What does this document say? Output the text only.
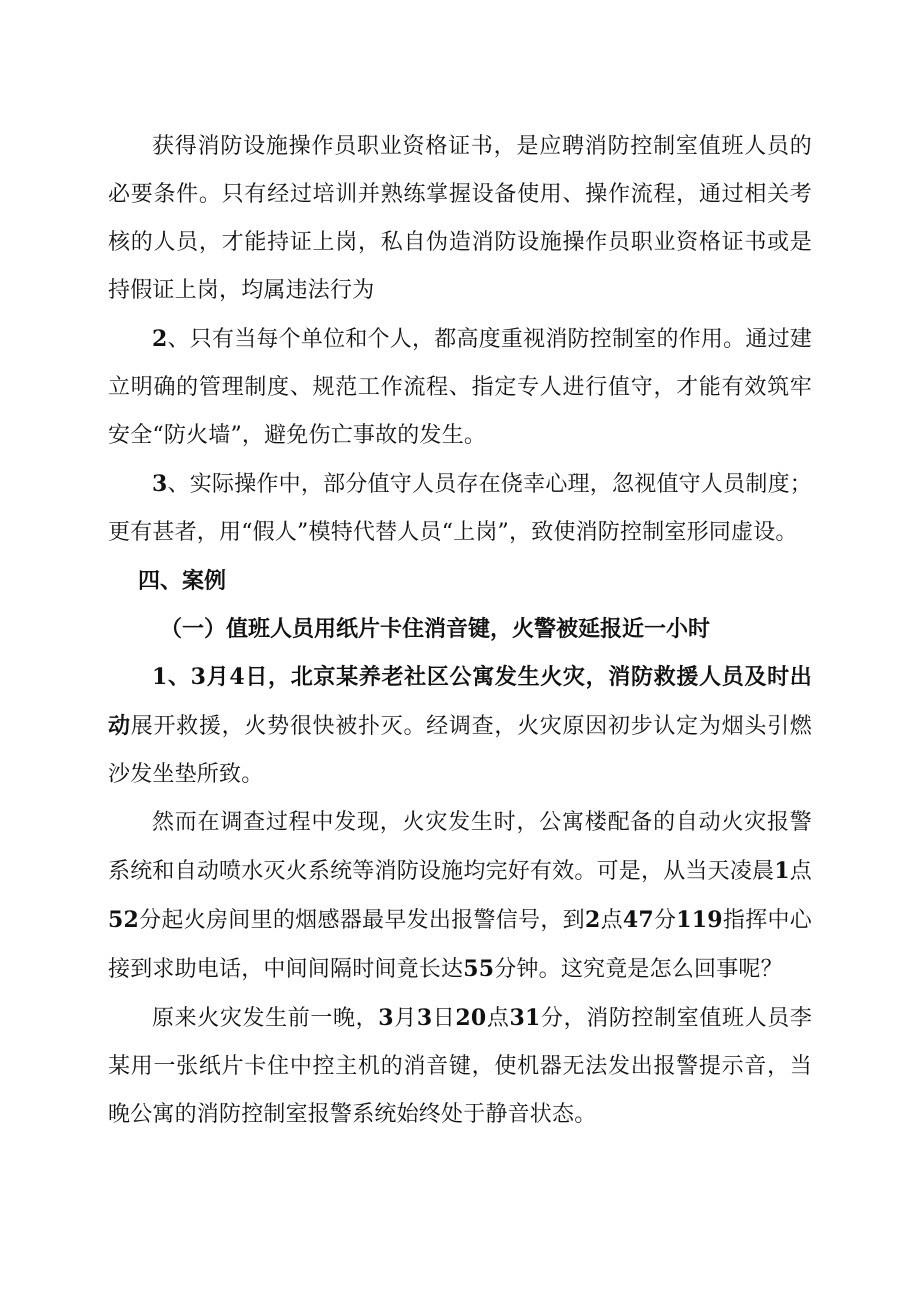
获得消防设施操作员职业资格证书，是应聘消防控制室值班人员的必要条件。只有经过培训并熟练掌握设备使用、操作流程，通过相关考核的人员，才能持证上岗，私自伪造消防设施操作员职业资格证书或是持假证上岗，均属违法行为

2、只有当每个单位和个人，都高度重视消防控制室的作用。通过建立明确的管理制度、规范工作流程、指定专人进行值守，才能有效筑牢安全“防火墙”，避免伤亡事故的发生。

3、实际操作中，部分值守人员存在侥幸心理，忽视值守人员制度；更有甚者，用“假人”模特代替人员“上岗”，致使消防控制室形同虚设。

四、案例

（一）值班人员用纸片卡住消音键，火警被延报近一小时

1、3月4日，北京某养老社区公寓发生火灾，消防救援人员及时出动展开救援，火势很快被扑灭。经调查，火灾原因初步认定为烟头引燃沙发坐垫所致。

然而在调查过程中发现，火灾发生时，公寓楼配备的自动火灾报警系统和自动喷水灭火系统等消防设施均完好有效。可是，从当天凌晨1点52分起火房间里的烟感器最早发出报警信号，到2点47分119指挥中心接到求助电话，中间间隔时间竟长达55分钟。这究竟是怎么回事呢？

原来火灾发生前一晚，3月3日20点31分，消防控制室值班人员李某用一张纸片卡住中控主机的消音键，使机器无法发出报警提示音，当晚公寓的消防控制室报警系统始终处于静音状态。
